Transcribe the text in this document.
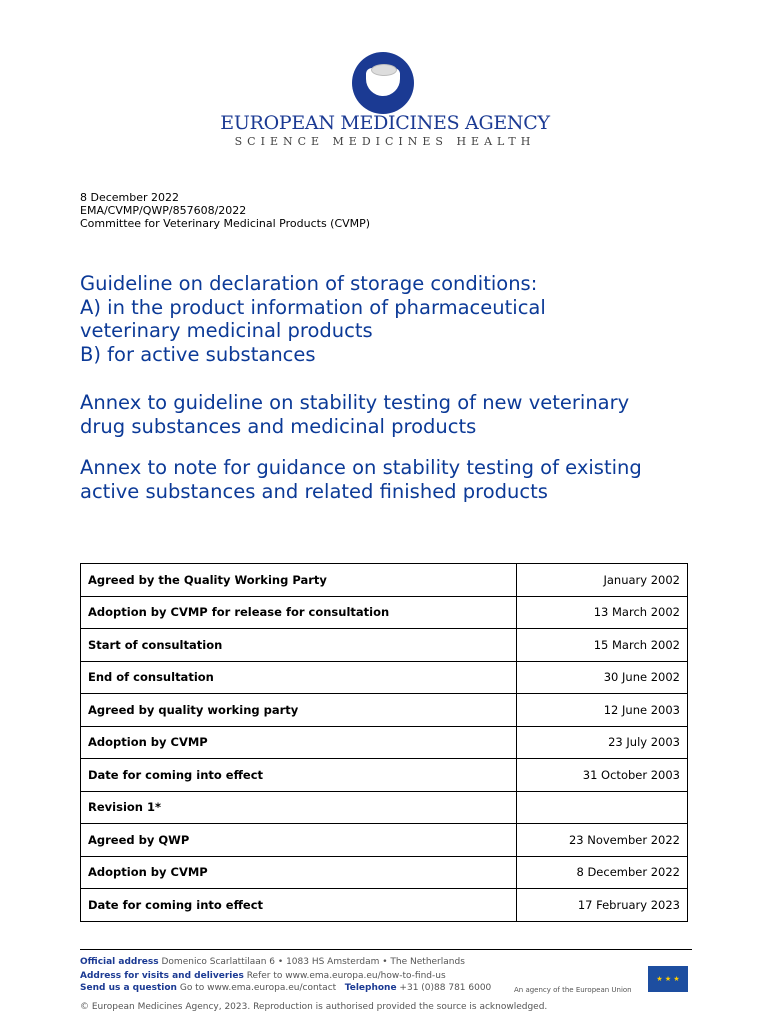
EUROPEAN MEDICINES AGENCY
SCIENCE MEDICINES HEALTH
8 December 2022
EMA/CVMP/QWP/857608/2022
Committee for Veterinary Medicinal Products (CVMP)
Guideline on declaration of storage conditions:
A) in the product information of pharmaceutical
veterinary medicinal products
B) for active substances
Annex to guideline on stability testing of new veterinary
drug substances and medicinal products
Annex to note for guidance on stability testing of existing
active substances and related finished products
Agreed by the Quality Working Party	January 2002
Adoption by CVMP for release for consultation	13 March 2002
Start of consultation	15 March 2002
End of consultation	30 June 2002
Agreed by quality working party	12 June 2003
Adoption by CVMP	23 July 2003
Date for coming into effect	31 October 2003
Revision 1*	
Agreed by QWP	23 November 2022
Adoption by CVMP	8 December 2022
Date for coming into effect	17 February 2023
Official address Domenico Scarlattilaan 6 • 1083 HS Amsterdam • The Netherlands
Address for visits and deliveries Refer to www.ema.europa.eu/how-to-find-us
Send us a question Go to www.ema.europa.eu/contact Telephone +31 (0)88 781 6000	An agency of the European Union
★ ★ ★
© European Medicines Agency, 2023. Reproduction is authorised provided the source is acknowledged.
